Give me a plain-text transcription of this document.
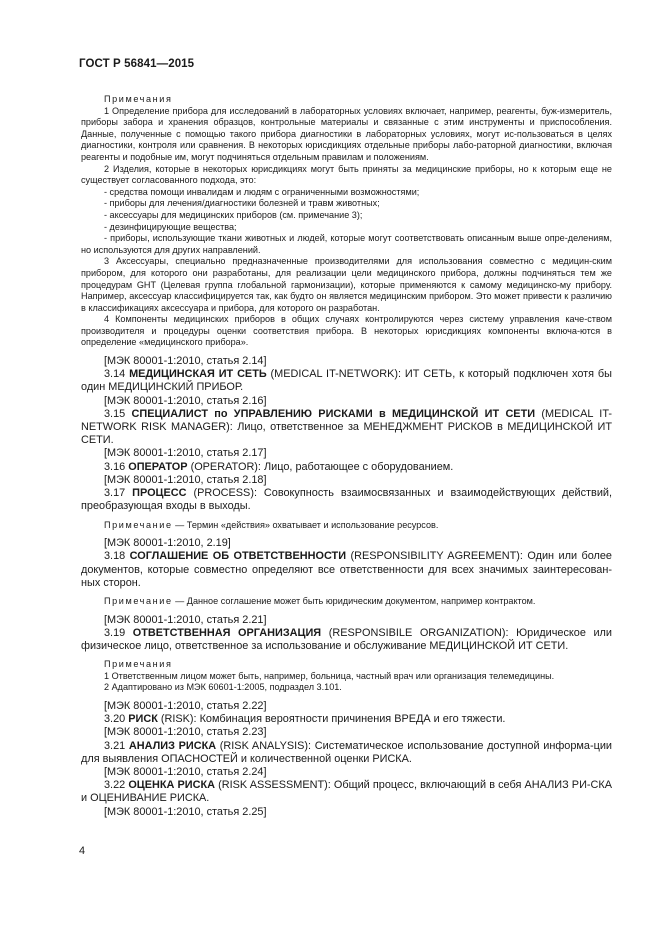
ГОСТ Р 56841—2015

Примечания

1 Определение прибора для исследований в лабораторных условиях включает, например, реагенты, буж-измеритель, приборы забора и хранения образцов, контрольные материалы и связанные с этим инструменты и приспособления. Данные, полученные с помощью такого прибора диагностики в лабораторных условиях, могут ис-пользоваться в целях диагностики, контроля или сравнения. В некоторых юрисдикциях отдельные приборы лабо-раторной диагностики, включая реагенты и подобные им, могут подчиняться отдельным правилам и положениям.

2 Изделия, которые в некоторых юрисдикциях могут быть приняты за медицинские приборы, но к которым еще не существует согласованного подхода, это:

- средства помощи инвалидам и людям с ограниченными возможностями;

- приборы для лечения/диагностики болезней и травм животных;

- аксессуары для медицинских приборов (см. примечание 3);

- дезинфицирующие вещества;

- приборы, использующие ткани животных и людей, которые могут соответствовать описанным выше опре-делениям, но используются для других направлений.

3 Аксессуары, специально предназначенные производителями для использования совместно с медицин-ским прибором, для которого они разработаны, для реализации цели медицинского прибора, должны подчиняться тем же процедурам GHT (Целевая группа глобальной гармонизации), которые применяются к самому медицинско-му прибору. Например, аксессуар классифицируется так, как будто он является медицинским прибором. Это может привести к различию в классификациях аксессуара и прибора, для которого он разработан.

4 Компоненты медицинских приборов в общих случаях контролируются через систему управления каче-ством производителя и процедуры оценки соответствия прибора. В некоторых юрисдикциях компоненты включа-ются в определение «медицинского прибора».

[МЭК 80001-1:2010, статья 2.14]

3.14 МЕДИЦИНСКАЯ ИТ СЕТЬ (MEDICAL IT-NETWORK): ИТ СЕТЬ, к который подключен хотя бы один МЕДИЦИНСКИЙ ПРИБОР.

[МЭК 80001-1:2010, статья 2.16]

3.15 СПЕЦИАЛИСТ по УПРАВЛЕНИЮ РИСКАМИ в МЕДИЦИНСКОЙ ИТ СЕТИ (MEDICAL IT-NETWORK RISK MANAGER): Лицо, ответственное за МЕНЕДЖМЕНТ РИСКОВ в МЕДИЦИНСКОЙ ИТ СЕТИ.

[МЭК 80001-1:2010, статья 2.17]

3.16 ОПЕРАТОР (OPERATOR): Лицо, работающее с оборудованием.

[МЭК 80001-1:2010, статья 2.18]

3.17 ПРОЦЕСС (PROCESS): Совокупность взаимосвязанных и взаимодействующих действий, преобразующая входы в выходы.

Примечание — Термин «действия» охватывает и использование ресурсов.

[МЭК 80001-1:2010, 2.19]

3.18 СОГЛАШЕНИЕ ОБ ОТВЕТСТВЕННОСТИ (RESPONSIBILITY AGREEMENT): Один или более документов, которые совместно определяют все ответственности для всех значимых заинтересован-ных сторон.

Примечание — Данное соглашение может быть юридическим документом, например контрактом.

[МЭК 80001-1:2010, статья 2.21]

3.19 ОТВЕТСТВЕННАЯ ОРГАНИЗАЦИЯ (RESPONSIBILE ORGANIZATION): Юридическое или физическое лицо, ответственное за использование и обслуживание МЕДИЦИНСКОЙ ИТ СЕТИ.

Примечания

1 Ответственным лицом может быть, например, больница, частный врач или организация телемедицины.

2 Адаптировано из МЭК 60601-1:2005, подраздел 3.101.

[МЭК 80001-1:2010, статья 2.22]

3.20 РИСК (RISK): Комбинация вероятности причинения ВРЕДА и его тяжести.

[МЭК 80001-1:2010, статья 2.23]

3.21 АНАЛИЗ РИСКА (RISK ANALYSIS): Систематическое использование доступной информа-ции для выявления ОПАСНОСТЕЙ и количественной оценки РИСКА.

[МЭК 80001-1:2010, статья 2.24]

3.22 ОЦЕНКА РИСКА (RISK ASSESSMENT): Общий процесс, включающий в себя АНАЛИЗ РИ-СКА и ОЦЕНИВАНИЕ РИСКА.

[МЭК 80001-1:2010, статья 2.25]

4
